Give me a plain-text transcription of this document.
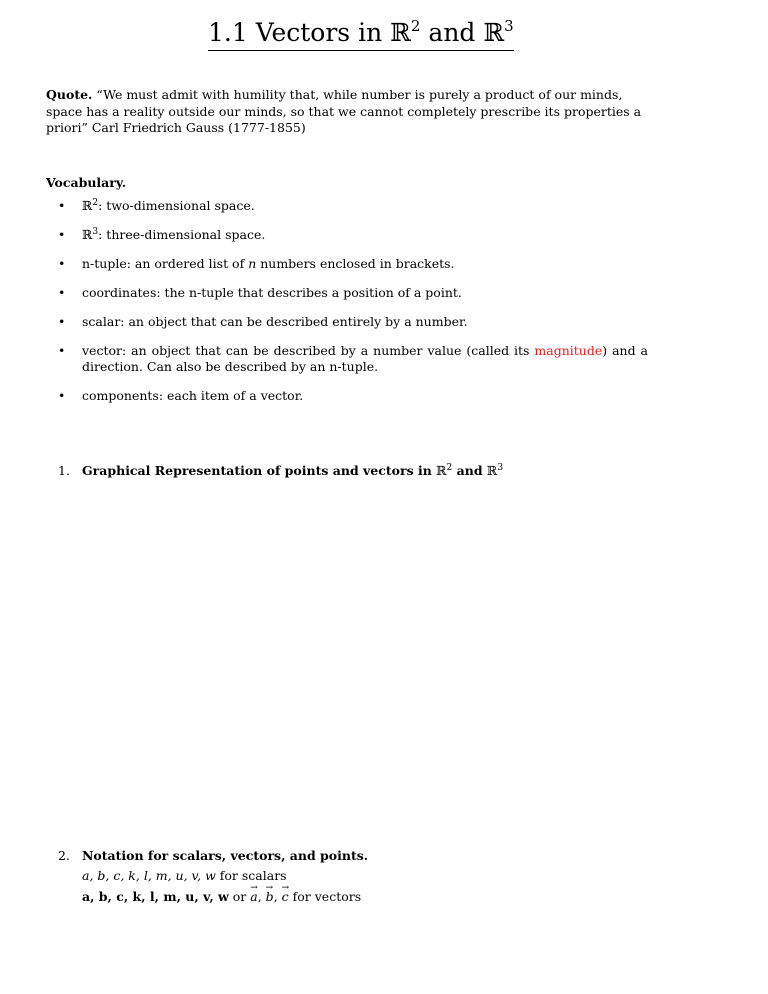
1.1 Vectors in ℝ$^2$ and ℝ$^3$
Quote. “We must admit with humility that, while number is purely a product of our minds, space has a reality outside our minds, so that we cannot completely prescribe its properties a priori” Carl Friedrich Gauss (1777-1855)
Vocabulary.
• ℝ$^2$: two-dimensional space.
• ℝ$^3$: three-dimensional space.
• n-tuple: an ordered list of n numbers enclosed in brackets.
• coordinates: the n-tuple that describes a position of a point.
• scalar: an object that can be described entirely by a number.
• vector: an object that can be described by a number value (called its magnitude) and a direction. Can also be described by an n-tuple.
• components: each item of a vector.
1. Graphical Representation of points and vectors in ℝ$^2$ and ℝ$^3$
2. Notation for scalars, vectors, and points.
a, b, c, k, l, m, u, v, w for scalars
a, b, c, k, l, m, u, v, w or → a, → b, → c for vectors
